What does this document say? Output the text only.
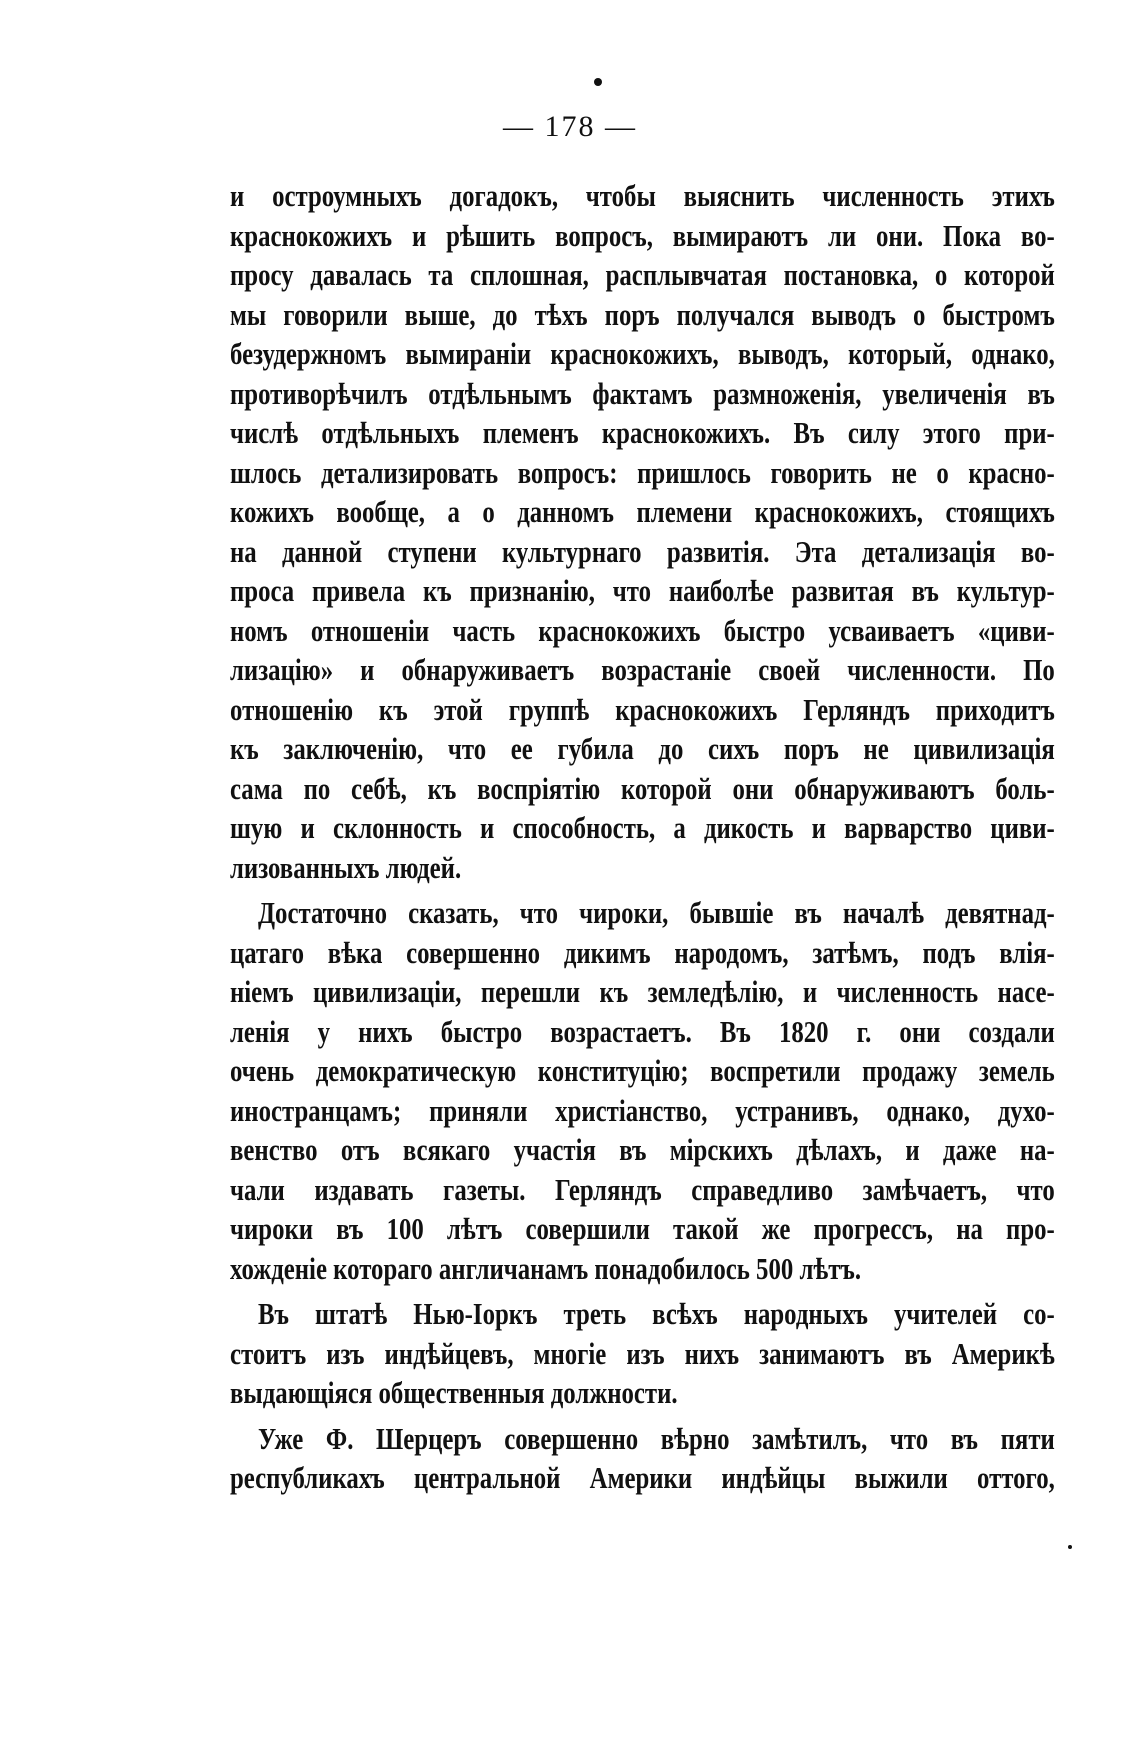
— 178 —
и остроумныхъ догадокъ, чтобы выяснить численность этихъ
краснокожихъ и рѣшить вопросъ, вымираютъ ли они. Пока во-
просу давалась та сплошная, расплывчатая постановка, о которой
мы говорили выше, до тѣхъ поръ получался выводъ о быстромъ
безудержномъ вымираніи краснокожихъ, выводъ, который, однако,
противорѣчилъ отдѣльнымъ фактамъ размноженія, увеличенія въ
числѣ отдѣльныхъ племенъ краснокожихъ. Въ силу этого при-
шлось детализировать вопросъ: пришлось говорить не о красно-
кожихъ вообще, а о данномъ племени краснокожихъ, стоящихъ
на данной ступени культурнаго развитія. Эта детализація во-
проса привела къ признанію, что наиболѣе развитая въ культур-
номъ отношеніи часть краснокожихъ быстро усваиваетъ «циви-
лизацію» и обнаруживаетъ возрастаніе своей численности. По
отношенію къ этой группѣ краснокожихъ Герляндъ приходитъ
къ заключенію, что ее губила до сихъ поръ не цивилизація
сама по себѣ, къ воспріятію которой они обнаруживаютъ боль-
шую и склонность и способность, а дикость и варварство циви-
лизованныхъ людей.
Достаточно сказать, что чироки, бывшіе въ началѣ девятнад-
цатаго вѣка совершенно дикимъ народомъ, затѣмъ, подъ влія-
ніемъ цивилизаціи, перешли къ земледѣлію, и численность насе-
ленія у нихъ быстро возрастаетъ. Въ 1820 г. они создали
очень демократическую конституцію; воспретили продажу земель
иностранцамъ; приняли христіанство, устранивъ, однако, духо-
венство отъ всякаго участія въ мірскихъ дѣлахъ, и даже на-
чали издавать газеты. Герляндъ справедливо замѣчаетъ, что
чироки въ 100 лѣтъ совершили такой же прогрессъ, на про-
хожденіе котораго англичанамъ понадобилось 500 лѣтъ.
Въ штатѣ Нью-Іоркъ треть всѣхъ народныхъ учителей со-
стоитъ изъ индѣйцевъ, многіе изъ нихъ занимаютъ въ Америкѣ
выдающіяся общественныя должности.
Уже Ф. Шерцеръ совершенно вѣрно замѣтилъ, что въ пяти
республикахъ центральной Америки индѣйцы выжили оттого,
